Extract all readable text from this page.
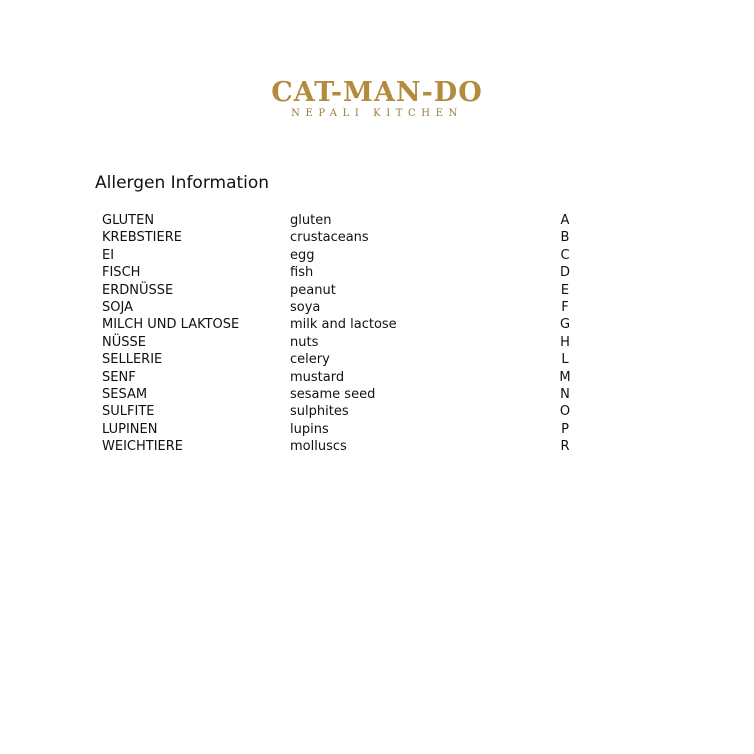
CAT-MAN-DO
NEPALI KITCHEN
Allergen Information
GLUTEN	gluten	A
KREBSTIERE	crustaceans	B
EI	egg	C
FISCH	fish	D
ERDNÜSSE	peanut	E
SOJA	soya	F
MILCH UND LAKTOSE	milk and lactose	G
NÜSSE	nuts	H
SELLERIE	celery	L
SENF	mustard	M
SESAM	sesame seed	N
SULFITE	sulphites	O
LUPINEN	lupins	P
WEICHTIERE	molluscs	R
